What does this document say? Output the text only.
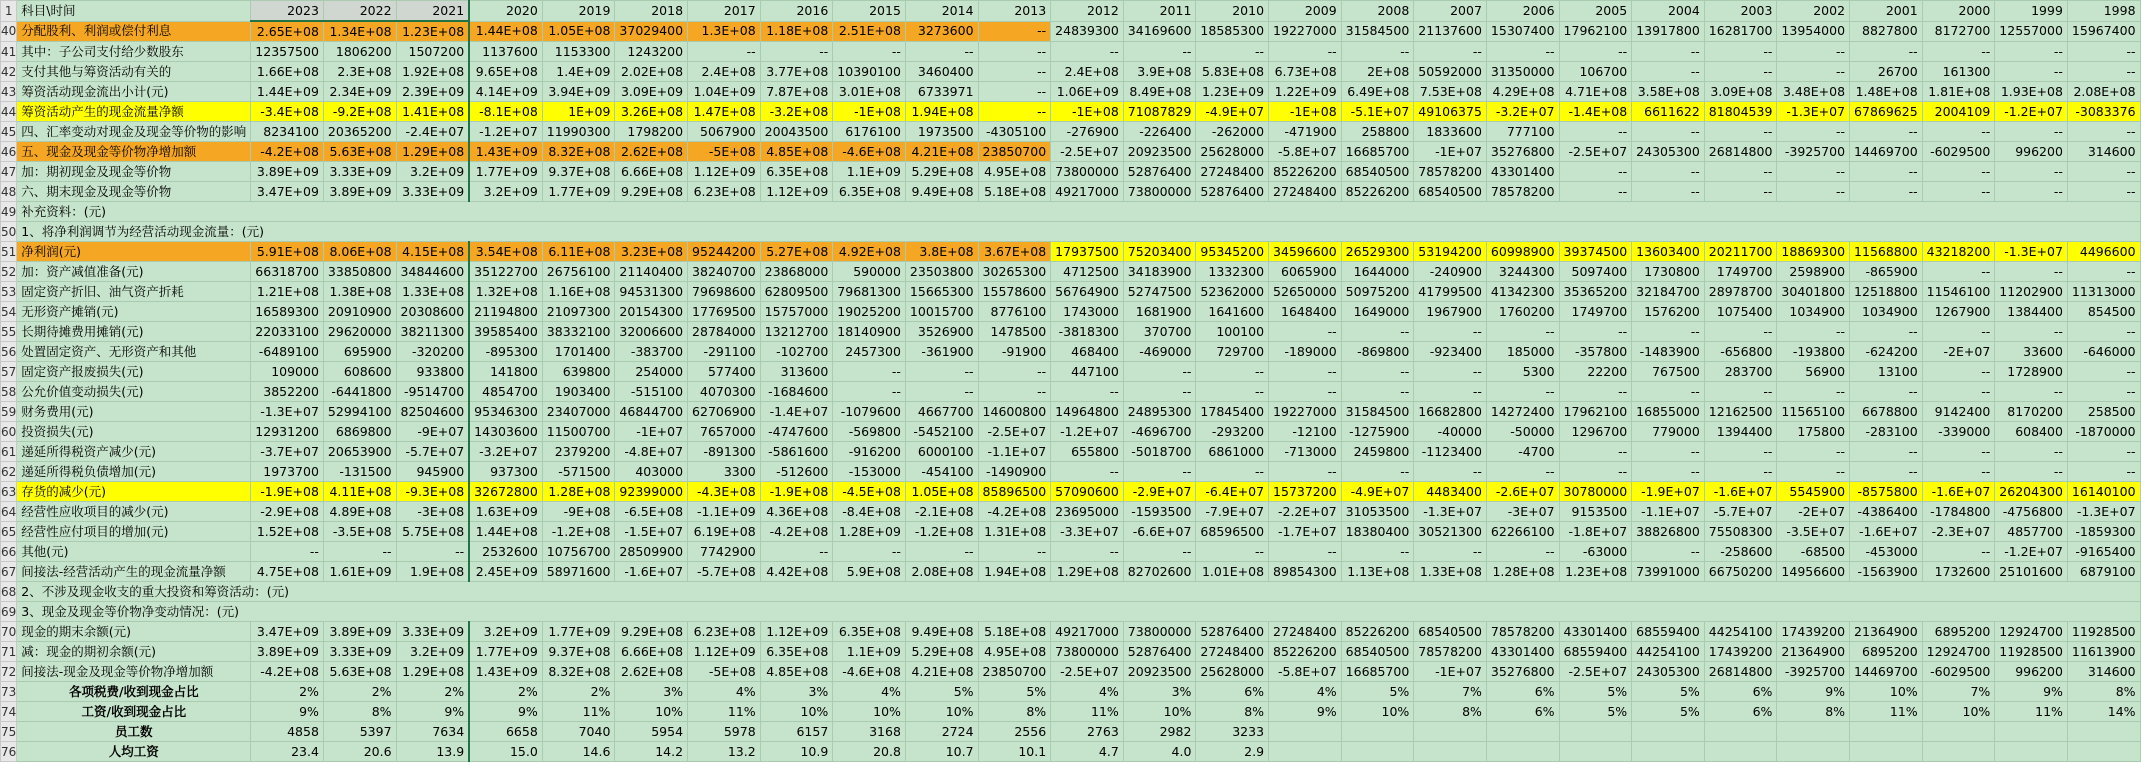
1	科目\时间	2023	2022	2021	2020	2019	2018	2017	2016	2015	2014	2013	2012	2011	2010	2009	2008	2007	2006	2005	2004	2003	2002	2001	2000	1999	1998
40	分配股利、利润或偿付利息	2.65E+08	1.34E+08	1.23E+08	1.44E+08	1.05E+08	37029400	1.3E+08	1.18E+08	2.51E+08	3273600	--	24839300	34169600	18585300	19227000	31584500	21137600	15307400	17962100	13917800	16281700	13954000	8827800	8172700	12557000	15967400
41	其中：子公司支付给少数股东	12357500	1806200	1507200	1137600	1153300	1243200	--	--	--	--	--	--	--	--	--	--	--	--	--	--	--	--	--	--	--	--
42	支付其他与筹资活动有关的	1.66E+08	2.3E+08	1.92E+08	9.65E+08	1.4E+09	2.02E+08	2.4E+08	3.77E+08	10390100	3460400	--	2.4E+08	3.9E+08	5.83E+08	6.73E+08	2E+08	50592000	31350000	106700	--	--	--	26700	161300	--	--
43	筹资活动现金流出小计(元)	1.44E+09	2.34E+09	2.39E+09	4.14E+09	3.94E+09	3.09E+09	1.04E+09	7.87E+08	3.01E+08	6733971	--	1.06E+09	8.49E+08	1.23E+09	1.22E+09	6.49E+08	7.53E+08	4.29E+08	4.71E+08	3.58E+08	3.09E+08	3.48E+08	1.48E+08	1.81E+08	1.93E+08	2.08E+08
44	筹资活动产生的现金流量净额	-3.4E+08	-9.2E+08	1.41E+08	-8.1E+08	1E+09	3.26E+08	1.47E+08	-3.2E+08	-1E+08	1.94E+08	--	-1E+08	71087829	-4.9E+07	-1E+08	-5.1E+07	49106375	-3.2E+07	-1.4E+08	6611622	81804539	-1.3E+07	67869625	2004109	-1.2E+07	-3083376
45	四、汇率变动对现金及现金等价物的影响	8234100	20365200	-2.4E+07	-1.2E+07	11990300	1798200	5067900	20043500	6176100	1973500	-4305100	-276900	-226400	-262000	-471900	258800	1833600	777100	--	--	--	--	--	--	--	--
46	五、现金及现金等价物净增加额	-4.2E+08	5.63E+08	1.29E+08	1.43E+09	8.32E+08	2.62E+08	-5E+08	4.85E+08	-4.6E+08	4.21E+08	23850700	-2.5E+07	20923500	25628000	-5.8E+07	16685700	-1E+07	35276800	-2.5E+07	24305300	26814800	-3925700	14469700	-6029500	996200	314600
47	加：期初现金及现金等价物	3.89E+09	3.33E+09	3.2E+09	1.77E+09	9.37E+08	6.66E+08	1.12E+09	6.35E+08	1.1E+09	5.29E+08	4.95E+08	73800000	52876400	27248400	85226200	68540500	78578200	43301400	--	--	--	--	--	--	--	--
48	六、期末现金及现金等价物	3.47E+09	3.89E+09	3.33E+09	3.2E+09	1.77E+09	9.29E+08	6.23E+08	1.12E+09	6.35E+08	9.49E+08	5.18E+08	49217000	73800000	52876400	27248400	85226200	68540500	78578200	--	--	--	--	--	--	--	--
49	补充资料：(元)																										
50	1、将净利润调节为经营活动现金流量：(元)																										
51	净利润(元)	5.91E+08	8.06E+08	4.15E+08	3.54E+08	6.11E+08	3.23E+08	95244200	5.27E+08	4.92E+08	3.8E+08	3.67E+08	17937500	75203400	95345200	34596600	26529300	53194200	60998900	39374500	13603400	20211700	18869300	11568800	43218200	-1.3E+07	4496600
52	加：资产减值准备(元)	66318700	33850800	34844600	35122700	26756100	21140400	38240700	23868000	590000	23503800	30265300	4712500	34183900	1332300	6065900	1644000	-240900	3244300	5097400	1730800	1749700	2598900	-865900	--	--	--
53	固定资产折旧、油气资产折耗	1.21E+08	1.38E+08	1.33E+08	1.32E+08	1.16E+08	94531300	79698600	62809500	79681300	15665300	15578600	56764900	52747500	52362000	52650000	50975200	41799500	41342300	35365200	32184700	28978700	30401800	12518800	11546100	11202900	11313000
54	无形资产摊销(元)	16589300	20910900	20308600	21194800	21097300	20154300	17769500	15757000	19025200	10015700	8776100	1743000	1681900	1641600	1648400	1649000	1967900	1760200	1749700	1576200	1075400	1034900	1034900	1267900	1384400	854500
55	长期待摊费用摊销(元)	22033100	29620000	38211300	39585400	38332100	32006600	28784000	13212700	18140900	3526900	1478500	-3818300	370700	100100	--	--	--	--	--	--	--	--	--	--	--	--
56	处置固定资产、无形资产和其他	-6489100	695900	-320200	-895300	1701400	-383700	-291100	-102700	2457300	-361900	-91900	468400	-469000	729700	-189000	-869800	-923400	185000	-357800	-1483900	-656800	-193800	-624200	-2E+07	33600	-646000
57	固定资产报废损失(元)	109000	608600	933800	141800	639800	254000	577400	313600	--	--	--	447100	--	--	--	--	--	5300	22200	767500	283700	56900	13100	--	1728900	--
58	公允价值变动损失(元)	3852200	-6441800	-9514700	4854700	1903400	-515100	4070300	-1684600	--	--	--	--	--	--	--	--	--	--	--	--	--	--	--	--	--	--
59	财务费用(元)	-1.3E+07	52994100	82504600	95346300	23407000	46844700	62706900	-1.4E+07	-1079600	4667700	14600800	14964800	24895300	17845400	19227000	31584500	16682800	14272400	17962100	16855000	12162500	11565100	6678800	9142400	8170200	258500
60	投资损失(元)	12931200	6869800	-9E+07	14303600	11500700	-1E+07	7657000	-4747600	-569800	-5452100	-2.5E+07	-1.2E+07	-4696700	-293200	-12100	-1275900	-40000	-50000	1296700	779000	1394400	175800	-283100	-339000	608400	-1870000
61	递延所得税资产减少(元)	-3.7E+07	20653900	-5.7E+07	-3.2E+07	2379200	-4.8E+07	-891300	-5861600	-916200	6000100	-1.1E+07	655800	-5018700	6861000	-713000	2459800	-1123400	-4700	--	--	--	--	--	--	--	--
62	递延所得税负债增加(元)	1973700	-131500	945900	937300	-571500	403000	3300	-512600	-153000	-454100	-1490900	--	--	--	--	--	--	--	--	--	--	--	--	--	--	--
63	存货的减少(元)	-1.9E+08	4.11E+08	-9.3E+08	32672800	1.28E+08	92399000	-4.3E+08	-1.9E+08	-4.5E+08	1.05E+08	85896500	57090600	-2.9E+07	-6.4E+07	15737200	-4.9E+07	4483400	-2.6E+07	30780000	-1.9E+07	-1.6E+07	5545900	-8575800	-1.6E+07	26204300	16140100
64	经营性应收项目的减少(元)	-2.9E+08	4.89E+08	-3E+08	1.63E+09	-9E+08	-6.5E+08	-1.1E+09	4.36E+08	-8.4E+08	-2.1E+08	-4.2E+08	23695000	-1593500	-7.9E+07	-2.2E+07	31053500	-1.3E+07	-3E+07	9153500	-1.1E+07	-5.7E+07	-2E+07	-4386400	-1784800	-4756800	-1.3E+07
65	经营性应付项目的增加(元)	1.52E+08	-3.5E+08	5.75E+08	1.44E+08	-1.2E+08	-1.5E+07	6.19E+08	-4.2E+08	1.28E+09	-1.2E+08	1.31E+08	-3.3E+07	-6.6E+07	68596500	-1.7E+07	18380400	30521300	62266100	-1.8E+07	38826800	75508300	-3.5E+07	-1.6E+07	-2.3E+07	4857700	-1859300
66	其他(元)	--	--	--	2532600	10756700	28509900	7742900	--	--	--	--	--	--	--	--	--	--	--	-63000	--	-258600	-68500	-453000	--	-1.2E+07	-9165400
67	间接法-经营活动产生的现金流量净额	4.75E+08	1.61E+09	1.9E+08	2.45E+09	58971600	-1.6E+07	-5.7E+08	4.42E+08	5.9E+08	2.08E+08	1.94E+08	1.29E+08	82702600	1.01E+08	89854300	1.13E+08	1.33E+08	1.28E+08	1.23E+08	73991000	66750200	14956600	-1563900	1732600	25101600	6879100
68	2、不涉及现金收支的重大投资和筹资活动：(元)																										
69	3、现金及现金等价物净变动情况：(元)																										
70	现金的期末余额(元)	3.47E+09	3.89E+09	3.33E+09	3.2E+09	1.77E+09	9.29E+08	6.23E+08	1.12E+09	6.35E+08	9.49E+08	5.18E+08	49217000	73800000	52876400	27248400	85226200	68540500	78578200	43301400	68559400	44254100	17439200	21364900	6895200	12924700	11928500
71	减：现金的期初余额(元)	3.89E+09	3.33E+09	3.2E+09	1.77E+09	9.37E+08	6.66E+08	1.12E+09	6.35E+08	1.1E+09	5.29E+08	4.95E+08	73800000	52876400	27248400	85226200	68540500	78578200	43301400	68559400	44254100	17439200	21364900	6895200	12924700	11928500	11613900
72	间接法-现金及现金等价物净增加额	-4.2E+08	5.63E+08	1.29E+08	1.43E+09	8.32E+08	2.62E+08	-5E+08	4.85E+08	-4.6E+08	4.21E+08	23850700	-2.5E+07	20923500	25628000	-5.8E+07	16685700	-1E+07	35276800	-2.5E+07	24305300	26814800	-3925700	14469700	-6029500	996200	314600
73	各项税费/收到现金占比	2%	2%	2%	2%	2%	3%	4%	3%	4%	5%	5%	4%	3%	6%	4%	5%	7%	6%	5%	5%	6%	9%	10%	7%	9%	8%
74	工资/收到现金占比	9%	8%	9%	9%	11%	10%	11%	10%	10%	10%	8%	11%	10%	8%	9%	10%	8%	6%	5%	5%	6%	8%	11%	10%	11%	14%
75	员工数	4858	5397	7634	6658	7040	5954	5978	6157	3168	2724	2556	2763	2982	3233												
76	人均工资	23.4	20.6	13.9	15.0	14.6	14.2	13.2	10.9	20.8	10.7	10.1	4.7	4.0	2.9												
